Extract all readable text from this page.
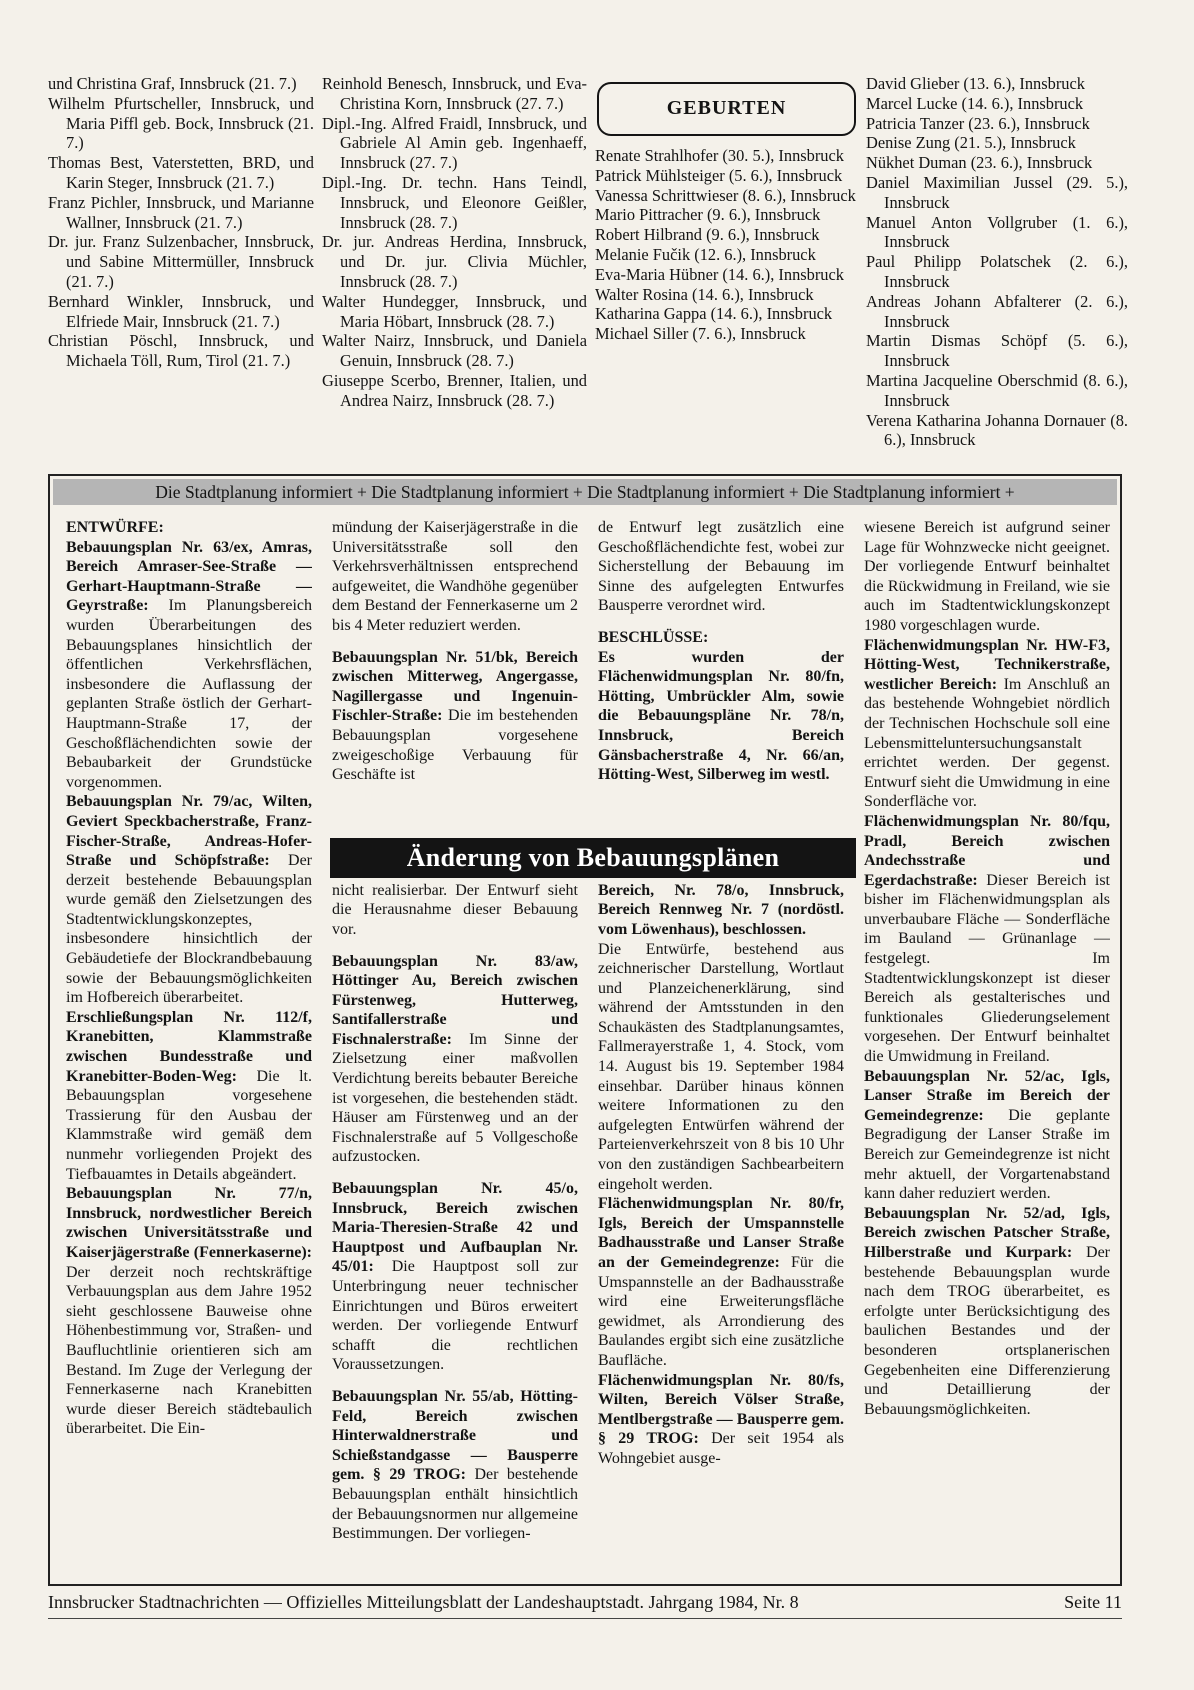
und Christina Graf, Innsbruck (21. 7.)
Wilhelm Pfurtscheller, Innsbruck, und Maria Piffl geb. Bock, Innsbruck (21. 7.)
Thomas Best, Vaterstetten, BRD, und Karin Steger, Innsbruck (21. 7.)
Franz Pichler, Innsbruck, und Marianne Wallner, Innsbruck (21. 7.)
Dr. jur. Franz Sulzenbacher, Innsbruck, und Sabine Mittermüller, Innsbruck (21. 7.)
Bernhard Winkler, Innsbruck, und Elfriede Mair, Innsbruck (21. 7.)
Christian Pöschl, Innsbruck, und Michaela Töll, Rum, Tirol (21. 7.)
Reinhold Benesch, Innsbruck, und Eva-Christina Korn, Innsbruck (27. 7.)
Dipl.-Ing. Alfred Fraidl, Innsbruck, und Gabriele Al Amin geb. Ingenhaeff, Innsbruck (27. 7.)
Dipl.-Ing. Dr. techn. Hans Teindl, Innsbruck, und Eleonore Geißler, Innsbruck (28. 7.)
Dr. jur. Andreas Herdina, Innsbruck, und Dr. jur. Clivia Müchler, Innsbruck (28. 7.)
Walter Hundegger, Innsbruck, und Maria Höbart, Innsbruck (28. 7.)
Walter Nairz, Innsbruck, und Daniela Genuin, Innsbruck (28. 7.)
Giuseppe Scerbo, Brenner, Italien, und Andrea Nairz, Innsbruck (28. 7.)
GEBURTEN
Renate Strahlhofer (30. 5.), Innsbruck
Patrick Mühlsteiger (5. 6.), Innsbruck
Vanessa Schrittwieser (8. 6.), Innsbruck
Mario Pittracher (9. 6.), Innsbruck
Robert Hilbrand (9. 6.), Innsbruck
Melanie Fučik (12. 6.), Innsbruck
Eva-Maria Hübner (14. 6.), Innsbruck
Walter Rosina (14. 6.), Innsbruck
Katharina Gappa (14. 6.), Innsbruck
Michael Siller (7. 6.), Innsbruck
David Glieber (13. 6.), Innsbruck
Marcel Lucke (14. 6.), Innsbruck
Patricia Tanzer (23. 6.), Innsbruck
Denise Zung (21. 5.), Innsbruck
Nükhet Duman (23. 6.), Innsbruck
Daniel Maximilian Jussel (29. 5.), Innsbruck
Manuel Anton Vollgruber (1. 6.), Innsbruck
Paul Philipp Polatschek (2. 6.), Innsbruck
Andreas Johann Abfalterer (2. 6.), Innsbruck
Martin Dismas Schöpf (5. 6.), Innsbruck
Martina Jacqueline Oberschmid (8. 6.), Innsbruck
Verena Katharina Johanna Dornauer (8. 6.), Innsbruck
Die Stadtplanung informiert + Die Stadtplanung informiert + Die Stadtplanung informiert + Die Stadtplanung informiert +

ENTWÜRFE:

Bebauungsplan Nr. 63/ex, Amras, Bereich Amraser-See-Straße — Gerhart-Hauptmann-Straße — Geyrstraße: Im Planungsbereich wurden Überarbeitungen des Bebauungsplanes hinsichtlich der öffentlichen Verkehrsflächen, insbesondere die Auflassung der geplanten Straße östlich der Gerhart-Hauptmann-Straße 17, der Geschoßflächendichten sowie der Bebaubarkeit der Grundstücke vorgenommen.

Bebauungsplan Nr. 79/ac, Wilten, Geviert Speckbacherstraße, Franz-Fischer-Straße, Andreas-Hofer-Straße und Schöpfstraße: Der derzeit bestehende Bebauungsplan wurde gemäß den Zielsetzungen des Stadtentwicklungskonzeptes, insbesondere hinsichtlich der Gebäudetiefe der Blockrandbebauung sowie der Bebauungsmöglichkeiten im Hofbereich überarbeitet.

Erschließungsplan Nr. 112/f, Kranebitten, Klammstraße zwischen Bundesstraße und Kranebitter-Boden-Weg: Die lt. Bebauungsplan vorgesehene Trassierung für den Ausbau der Klammstraße wird gemäß dem nunmehr vorliegenden Projekt des Tiefbauamtes in Details abgeändert.

Bebauungsplan Nr. 77/n, Innsbruck, nordwestlicher Bereich zwischen Universitätsstraße und Kaiserjägerstraße (Fennerkaserne): Der derzeit noch rechtskräftige Verbauungsplan aus dem Jahre 1952 sieht geschlossene Bauweise ohne Höhenbestimmung vor, Straßen- und Baufluchtlinie orientieren sich am Bestand. Im Zuge der Verlegung der Fennerkaserne nach Kranebitten wurde dieser Bereich städtebaulich überarbeitet. Die Ein-

mündung der Kaiserjägerstraße in die Universitätsstraße soll den Verkehrsverhältnissen entsprechend aufgeweitet, die Wandhöhe gegenüber dem Bestand der Fennerkaserne um 2 bis 4 Meter reduziert werden.

Bebauungsplan Nr. 51/bk, Bereich zwischen Mitterweg, Angergasse, Nagillergasse und Ingenuin-Fischler-Straße: Die im bestehenden Bebauungsplan vorgesehene zweigeschoßige Verbauung für Geschäfte ist

nicht realisierbar. Der Entwurf sieht die Herausnahme dieser Bebauung vor.

Bebauungsplan Nr. 83/aw, Höttinger Au, Bereich zwischen Fürstenweg, Hutterweg, Santifallerstraße und Fischnalerstraße: Im Sinne der Zielsetzung einer maßvollen Verdichtung bereits bebauter Bereiche ist vorgesehen, die bestehenden städt. Häuser am Fürstenweg und an der Fischnalerstraße auf 5 Vollgeschoße aufzustocken.

Bebauungsplan Nr. 45/o, Innsbruck, Bereich zwischen Maria-Theresien-Straße 42 und Hauptpost und Aufbauplan Nr. 45/01: Die Hauptpost soll zur Unterbringung neuer technischer Einrichtungen und Büros erweitert werden. Der vorliegende Entwurf schafft die rechtlichen Voraussetzungen.

Bebauungsplan Nr. 55/ab, Hötting-Feld, Bereich zwischen Hinterwaldnerstraße und Schießstandgasse — Bausperre gem. § 29 TROG: Der bestehende Bebauungsplan enthält hinsichtlich der Bebauungsnormen nur allgemeine Bestimmungen. Der vorliegen-

de Entwurf legt zusätzlich eine Geschoßflächendichte fest, wobei zur Sicherstellung der Bebauung im Sinne des aufgelegten Entwurfes Bausperre verordnet wird.

BESCHLÜSSE:

Es wurden der Flächenwidmungsplan Nr. 80/fn, Hötting, Umbrückler Alm, sowie die Bebauungspläne Nr. 78/n, Innsbruck, Bereich Gänsbacherstraße 4, Nr. 66/an, Hötting-West, Silberweg im westl.

Bereich, Nr. 78/o, Innsbruck, Bereich Rennweg Nr. 7 (nordöstl. vom Löwenhaus), beschlossen.

Die Entwürfe, bestehend aus zeichnerischer Darstellung, Wortlaut und Planzeichenerklärung, sind während der Amtsstunden in den Schaukästen des Stadtplanungsamtes, Fallmerayerstraße 1, 4. Stock, vom 14. August bis 19. September 1984 einsehbar. Darüber hinaus können weitere Informationen zu den aufgelegten Entwürfen während der Parteienverkehrszeit von 8 bis 10 Uhr von den zuständigen Sachbearbeitern eingeholt werden.

Flächenwidmungsplan Nr. 80/fr, Igls, Bereich der Umspannstelle Badhausstraße und Lanser Straße an der Gemeindegrenze: Für die Umspannstelle an der Badhausstraße wird eine Erweiterungsfläche gewidmet, als Arrondierung des Baulandes ergibt sich eine zusätzliche Baufläche.

Flächenwidmungsplan Nr. 80/fs, Wilten, Bereich Völser Straße, Mentlbergstraße — Bausperre gem. § 29 TROG: Der seit 1954 als Wohngebiet ausge-

wiesene Bereich ist aufgrund seiner Lage für Wohnzwecke nicht geeignet. Der vorliegende Entwurf beinhaltet die Rückwidmung in Freiland, wie sie auch im Stadtentwicklungskonzept 1980 vorgeschlagen wurde.

Flächenwidmungsplan Nr. HW-F3, Hötting-West, Technikerstraße, westlicher Bereich: Im Anschluß an das bestehende Wohngebiet nördlich der Technischen Hochschule soll eine Lebensmitteluntersuchungsanstalt errichtet werden. Der gegenst. Entwurf sieht die Umwidmung in eine Sonderfläche vor.

Flächenwidmungsplan Nr. 80/fqu, Pradl, Bereich zwischen Andechsstraße und Egerdachstraße: Dieser Bereich ist bisher im Flächenwidmungsplan als unverbaubare Fläche — Sonderfläche im Bauland — Grünanlage — festgelegt. Im Stadtentwicklungskonzept ist dieser Bereich als gestalterisches und funktionales Gliederungselement vorgesehen. Der Entwurf beinhaltet die Umwidmung in Freiland.

Bebauungsplan Nr. 52/ac, Igls, Lanser Straße im Bereich der Gemeindegrenze: Die geplante Begradigung der Lanser Straße im Bereich zur Gemeindegrenze ist nicht mehr aktuell, der Vorgartenabstand kann daher reduziert werden.

Bebauungsplan Nr. 52/ad, Igls, Bereich zwischen Patscher Straße, Hilberstraße und Kurpark: Der bestehende Bebauungsplan wurde nach dem TROG überarbeitet, es erfolgte unter Berücksichtigung des baulichen Bestandes und der besonderen ortsplanerischen Gegebenheiten eine Differenzierung und Detaillierung der Bebauungsmöglichkeiten.

Änderung von Bebauungsplänen
Innsbrucker Stadtnachrichten — Offizielles Mitteilungsblatt der Landeshauptstadt. Jahrgang 1984, Nr. 8	Seite 11
